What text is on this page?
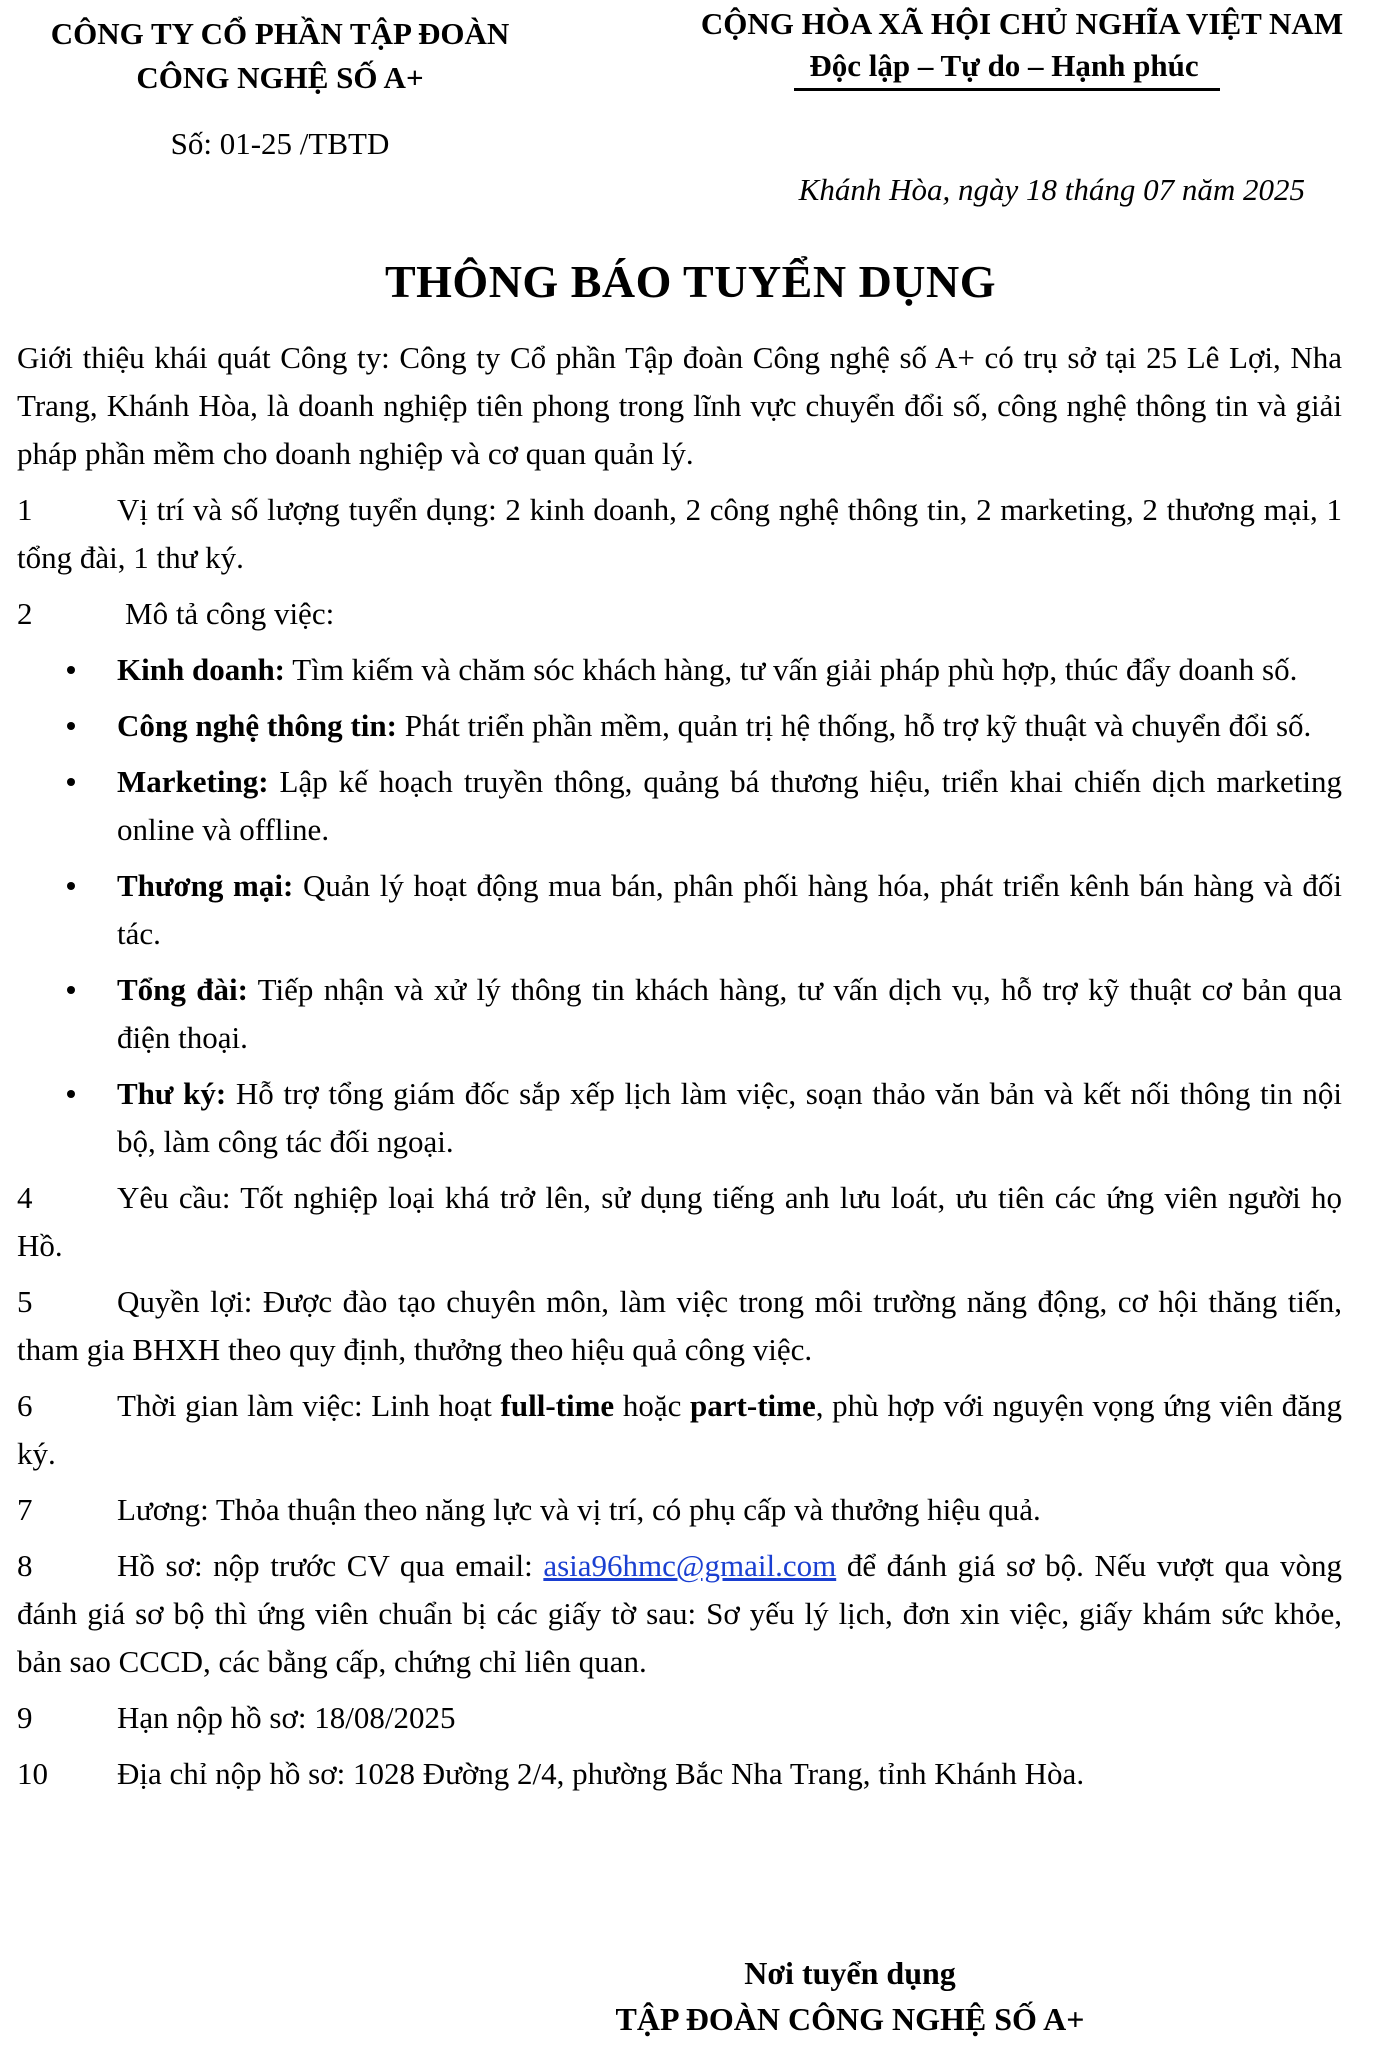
CÔNG TY CỔ PHẦN TẬP ĐOÀN
CÔNG NGHỆ SỐ A+
CỘNG HÒA XÃ HỘI CHỦ NGHĨA VIỆT NAM
Độc lập – Tự do – Hạnh phúc
Số: 01-25 /TBTD
Khánh Hòa, ngày 18 tháng 07 năm 2025
THÔNG BÁO TUYỂN DỤNG

Giới thiệu khái quát Công ty: Công ty Cổ phần Tập đoàn Công nghệ số A+ có trụ sở tại 25 Lê Lợi, Nha Trang, Khánh Hòa, là doanh nghiệp tiên phong trong lĩnh vực chuyển đổi số, công nghệ thông tin và giải pháp phần mềm cho doanh nghiệp và cơ quan quản lý.

1	Vị trí và số lượng tuyển dụng: 2 kinh doanh, 2 công nghệ thông tin, 2 marketing, 2 thương mại, 1 tổng đài, 1 thư ký.

2	Mô tả công việc:

Kinh doanh: Tìm kiếm và chăm sóc khách hàng, tư vấn giải pháp phù hợp, thúc đẩy doanh số.
Công nghệ thông tin: Phát triển phần mềm, quản trị hệ thống, hỗ trợ kỹ thuật và chuyển đổi số.
Marketing: Lập kế hoạch truyền thông, quảng bá thương hiệu, triển khai chiến dịch marketing online và offline.
Thương mại: Quản lý hoạt động mua bán, phân phối hàng hóa, phát triển kênh bán hàng và đối tác.
Tổng đài: Tiếp nhận và xử lý thông tin khách hàng, tư vấn dịch vụ, hỗ trợ kỹ thuật cơ bản qua điện thoại.
Thư ký: Hỗ trợ tổng giám đốc sắp xếp lịch làm việc, soạn thảo văn bản và kết nối thông tin nội bộ, làm công tác đối ngoại.

4	Yêu cầu: Tốt nghiệp loại khá trở lên, sử dụng tiếng anh lưu loát, ưu tiên các ứng viên người họ Hồ.

5	Quyền lợi: Được đào tạo chuyên môn, làm việc trong môi trường năng động, cơ hội thăng tiến, tham gia BHXH theo quy định, thưởng theo hiệu quả công việc.

6	Thời gian làm việc: Linh hoạt full-time hoặc part-time, phù hợp với nguyện vọng ứng viên đăng ký.

7	Lương: Thỏa thuận theo năng lực và vị trí, có phụ cấp và thưởng hiệu quả.

8	Hồ sơ: nộp trước CV qua email: asia96hmc@gmail.com để đánh giá sơ bộ. Nếu vượt qua vòng đánh giá sơ bộ thì ứng viên chuẩn bị các giấy tờ sau: Sơ yếu lý lịch, đơn xin việc, giấy khám sức khỏe, bản sao CCCD, các bằng cấp, chứng chỉ liên quan.

9	Hạn nộp hồ sơ: 18/08/2025

10 Địa chỉ nộp hồ sơ: 1028 Đường 2/4, phường Bắc Nha Trang, tỉnh Khánh Hòa.

Nơi tuyển dụng
TẬP ĐOÀN CÔNG NGHỆ SỐ A+
